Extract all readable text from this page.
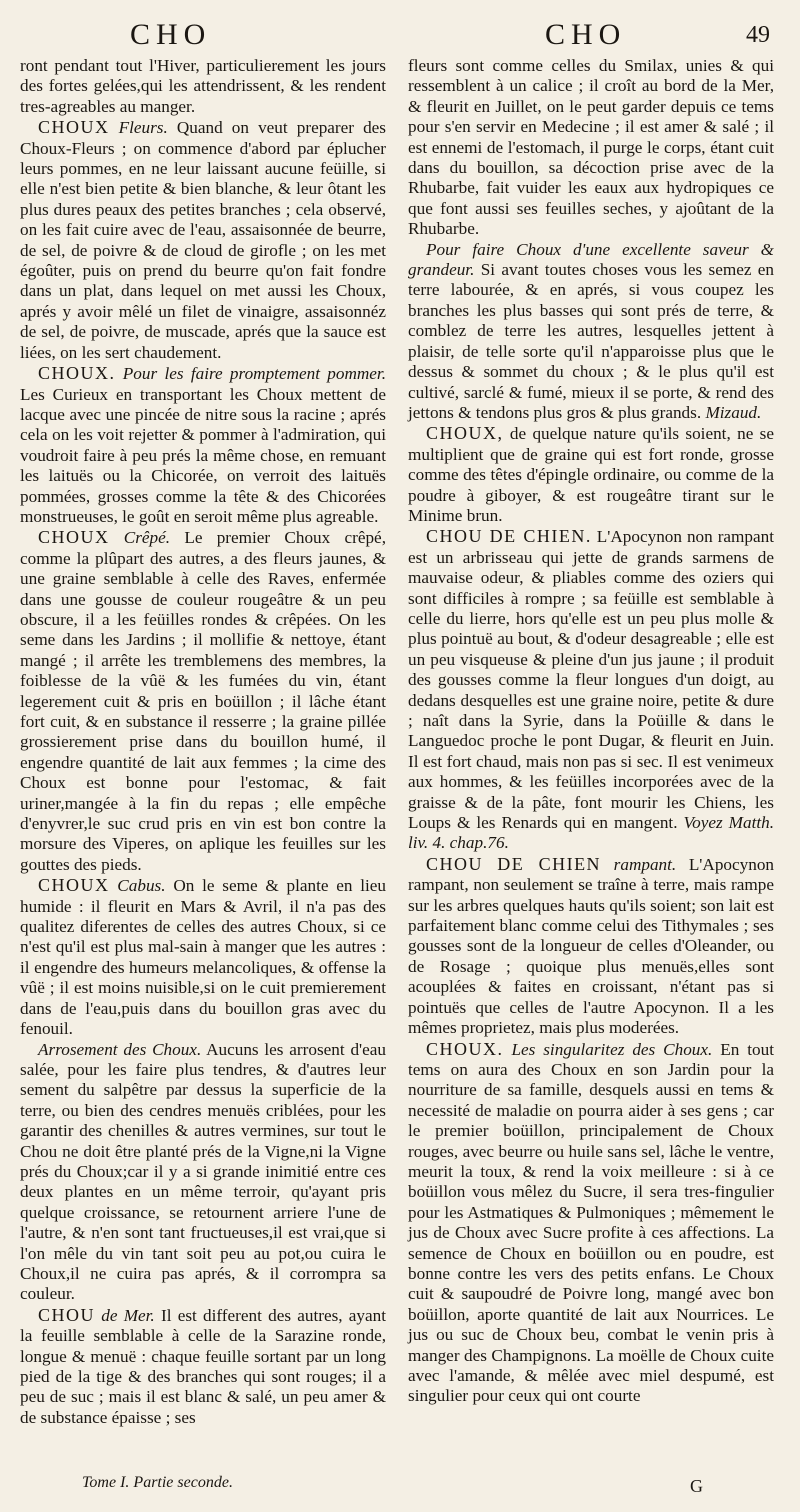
CHO	CHO	49

ront pendant tout l'Hiver, particulierement les jours des fortes gelées,qui les attendrissent, & les rendent tres-agreables au manger.

CHOUX Fleurs. Quand on veut preparer des Choux-Fleurs ; on commence d'abord par éplucher leurs pommes, en ne leur laissant aucune feüille, si elle n'est bien petite & bien blanche, & leur ôtant les plus dures peaux des petites branches ; cela observé, on les fait cuire avec de l'eau, assaisonnée de beurre, de sel, de poivre & de cloud de girofle ; on les met égoûter, puis on prend du beurre qu'on fait fondre dans un plat, dans lequel on met aussi les Choux, aprés y avoir mêlé un filet de vinaigre, assaisonnéz de sel, de poivre, de muscade, aprés que la sauce est liées, on les sert chaudement.

CHOUX. Pour les faire promptement pommer. Les Curieux en transportant les Choux mettent de lacque avec une pincée de nitre sous la racine ; aprés cela on les voit rejetter & pommer à l'admiration, qui voudroit faire à peu prés la même chose, en remuant les laituës ou la Chicorée, on verroit des laituës pommées, grosses comme la tête & des Chicorées monstrueuses, le goût en seroit même plus agreable.

CHOUX Crêpé. Le premier Choux crêpé, comme la plûpart des autres, a des fleurs jaunes, & une graine semblable à celle des Raves, enfermée dans une gousse de couleur rougeâtre & un peu obscure, il a les feüilles rondes & crêpées. On les seme dans les Jardins ; il mollifie & nettoye, étant mangé ; il arrête les tremblemens des membres, la foiblesse de la vûë & les fumées du vin, étant legerement cuit & pris en boüillon ; il lâche étant fort cuit, & en substance il resserre ; la graine pillée grossierement prise dans du bouillon humé, il engendre quantité de lait aux femmes ; la cime des Choux est bonne pour l'estomac, & fait uriner,mangée à la fin du repas ; elle empêche d'enyvrer,le suc crud pris en vin est bon contre la morsure des Viperes, on aplique les feuilles sur les gouttes des pieds.

CHOUX Cabus. On le seme & plante en lieu humide : il fleurit en Mars & Avril, il n'a pas des qualitez diferentes de celles des autres Choux, si ce n'est qu'il est plus mal-sain à manger que les autres : il engendre des humeurs melancoliques, & offense la vûë ; il est moins nuisible,si on le cuit premierement dans de l'eau,puis dans du bouillon gras avec du fenouil.

Arrosement des Choux. Aucuns les arrosent d'eau salée, pour les faire plus tendres, & d'autres leur sement du salpêtre par dessus la superficie de la terre, ou bien des cendres menuës criblées, pour les garantir des chenilles & autres vermines, sur tout le Chou ne doit être planté prés de la Vigne,ni la Vigne prés du Choux;car il y a si grande inimitié entre ces deux plantes en un même terroir, qu'ayant pris quelque croissance, se retournent arriere l'une de l'autre, & n'en sont tant fructueuses,il est vrai,que si l'on mêle du vin tant soit peu au pot,ou cuira le Choux,il ne cuira pas aprés, & il corrompra sa couleur.

CHOU de Mer. Il est different des autres, ayant la feuille semblable à celle de la Sarazine ronde, longue & menuë : chaque feuille sortant par un long pied de la tige & des branches qui sont rouges; il a peu de suc ; mais il est blanc & salé, un peu amer & de substance épaisse ; ses

fleurs sont comme celles du Smilax, unies & qui ressemblent à un calice ; il croît au bord de la Mer, & fleurit en Juillet, on le peut garder depuis ce tems pour s'en servir en Medecine ; il est amer & salé ; il est ennemi de l'estomach, il purge le corps, étant cuit dans du bouillon, sa décoction prise avec de la Rhubarbe, fait vuider les eaux aux hydropiques ce que font aussi ses feuilles seches, y ajoûtant de la Rhubarbe.

Pour faire Choux d'une excellente saveur & grandeur. Si avant toutes choses vous les semez en terre labourée, & en aprés, si vous coupez les branches les plus basses qui sont prés de terre, & comblez de terre les autres, lesquelles jettent à plaisir, de telle sorte qu'il n'apparoisse plus que le dessus & sommet du choux ; & le plus qu'il est cultivé, sarclé & fumé, mieux il se porte, & rend des jettons & tendons plus gros & plus grands. Mizaud.

CHOUX, de quelque nature qu'ils soient, ne se multiplient que de graine qui est fort ronde, grosse comme des têtes d'épingle ordinaire, ou comme de la poudre à giboyer, & est rougeâtre tirant sur le Minime brun.

CHOU DE CHIEN. L'Apocynon non rampant est un arbrisseau qui jette de grands sarmens de mauvaise odeur, & pliables comme des oziers qui sont difficiles à rompre ; sa feüille est semblable à celle du lierre, hors qu'elle est un peu plus molle & plus pointuë au bout, & d'odeur desagreable ; elle est un peu visqueuse & pleine d'un jus jaune ; il produit des gousses comme la fleur longues d'un doigt, au dedans desquelles est une graine noire, petite & dure ; naît dans la Syrie, dans la Poüille & dans le Languedoc proche le pont Dugar, & fleurit en Juin. Il est fort chaud, mais non pas si sec. Il est venimeux aux hommes, & les feüilles incorporées avec de la graisse & de la pâte, font mourir les Chiens, les Loups & les Renards qui en mangent. Voyez Matth. liv. 4. chap.76.

CHOU DE CHIEN rampant. L'Apocynon rampant, non seulement se traîne à terre, mais rampe sur les arbres quelques hauts qu'ils soient; son lait est parfaitement blanc comme celui des Tithymales ; ses gousses sont de la longueur de celles d'Oleander, ou de Rosage ; quoique plus menuës,elles sont acouplées & faites en croissant, n'étant pas si pointuës que celles de l'autre Apocynon. Il a les mêmes proprietez, mais plus moderées.

CHOUX. Les singularitez des Choux. En tout tems on aura des Choux en son Jardin pour la nourriture de sa famille, desquels aussi en tems & necessité de maladie on pourra aider à ses gens ; car le premier boüillon, principalement de Choux rouges, avec beurre ou huile sans sel, lâche le ventre, meurit la toux, & rend la voix meilleure : si à ce boüillon vous mêlez du Sucre, il sera tres-fingulier pour les Astmatiques & Pulmoniques ; mêmement le jus de Choux avec Sucre profite à ces affections. La semence de Choux en boüillon ou en poudre, est bonne contre les vers des petits enfans. Le Choux cuit & saupoudré de Poivre long, mangé avec bon boüillon, aporte quantité de lait aux Nourrices. Le jus ou suc de Choux beu, combat le venin pris à manger des Champignons. La moëlle de Choux cuite avec l'amande, & mêlée avec miel despumé, est singulier pour ceux qui ont courte

Tome I. Partie seconde.	G
